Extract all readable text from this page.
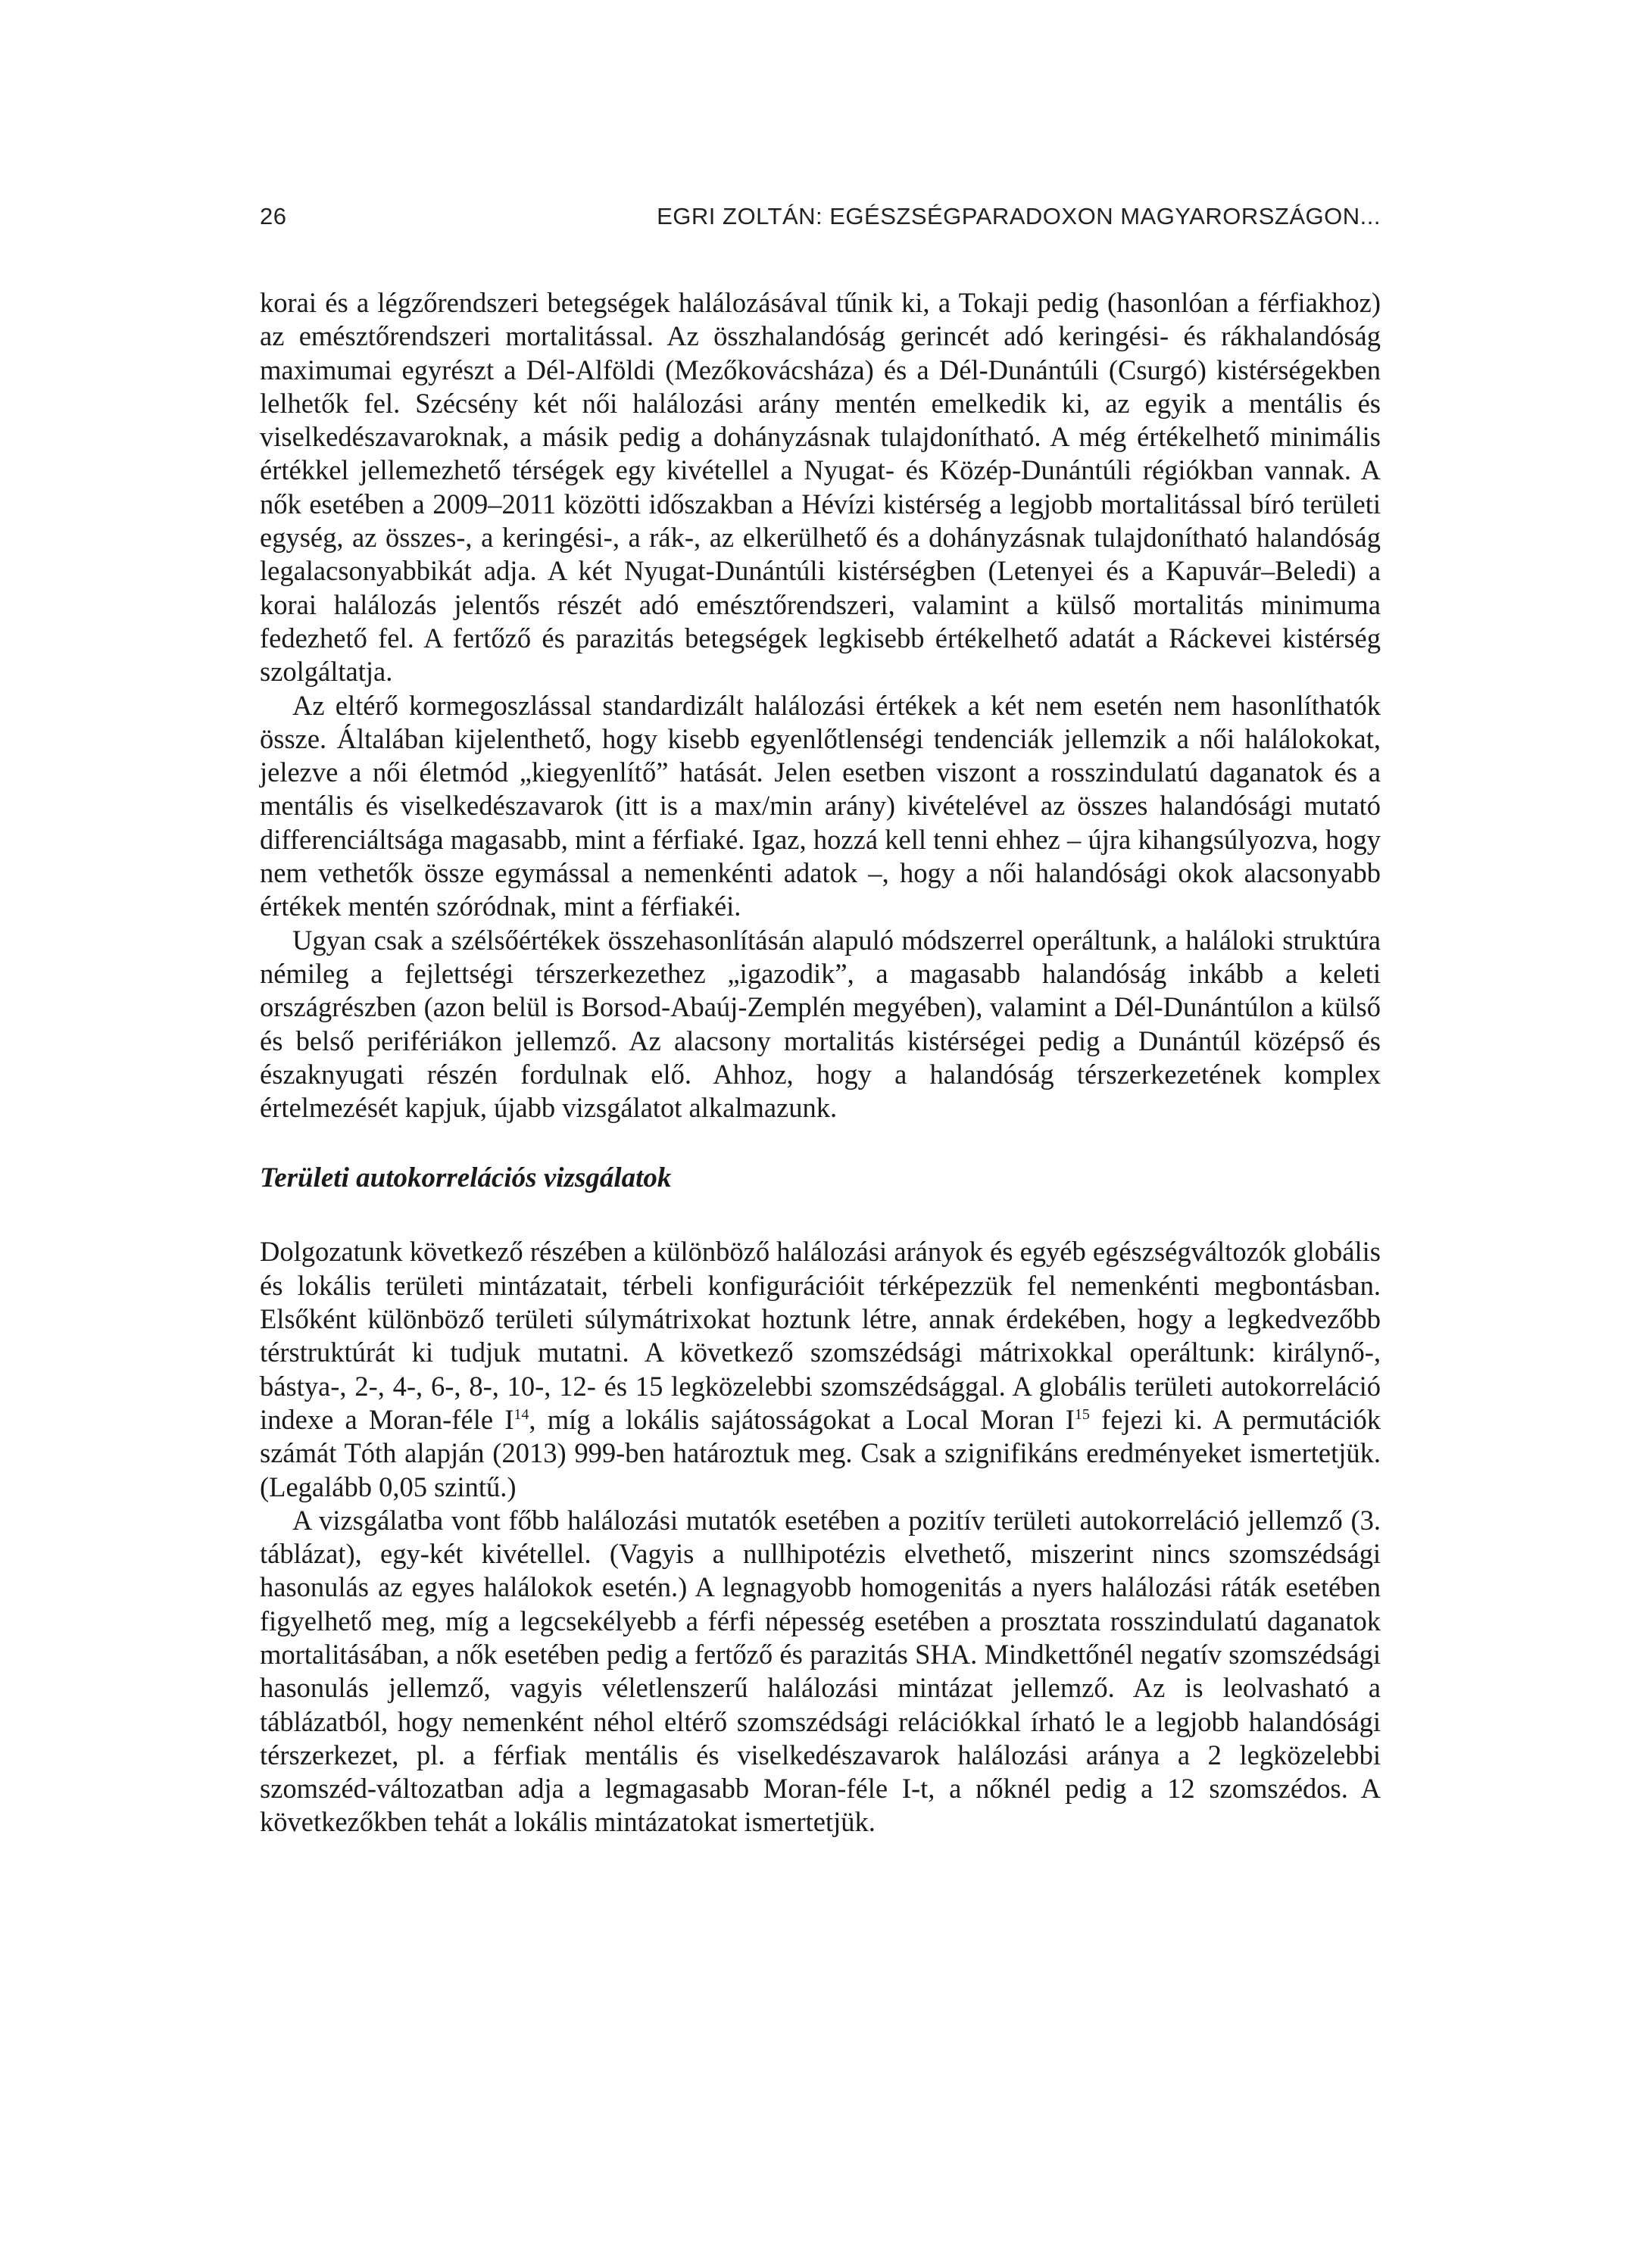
26	EGRI ZOLTÁN: EGÉSZSÉGPARADOXON MAGYARORSZÁGON...

korai és a légzőrendszeri betegségek halálozásával tűnik ki, a Tokaji pedig (hasonlóan a férfiakhoz) az emésztőrendszeri mortalitással. Az összhalandóság gerincét adó keringési- és rákhalandóság maximumai egyrészt a Dél-Alföldi (Mezőkovácsháza) és a Dél-Dunántúli (Csurgó) kistérségekben lelhetők fel. Szécsény két női halálozási arány mentén emelkedik ki, az egyik a mentális és viselkedészavaroknak, a másik pedig a dohányzásnak tulajdonítható. A még értékelhető minimális értékkel jellemezhető térségek egy kivétellel a Nyugat- és Közép-Dunántúli régiókban vannak. A nők esetében a 2009–2011 közötti időszakban a Hévízi kistérség a legjobb mortalitással bíró területi egység, az összes-, a keringési-, a rák-, az elkerülhető és a dohányzásnak tulajdonítható halandóság legalacsonyabbikát adja. A két Nyugat-Dunántúli kistérségben (Letenyei és a Kapuvár–Beledi) a korai halálozás jelentős részét adó emésztőrendszeri, valamint a külső mortalitás minimuma fedezhető fel. A fertőző és parazitás betegségek legkisebb értékelhető adatát a Ráckevei kistérség szolgáltatja.

Az eltérő kormegoszlással standardizált halálozási értékek a két nem esetén nem hasonlíthatók össze. Általában kijelenthető, hogy kisebb egyenlőtlenségi tendenciák jellemzik a női halálokokat, jelezve a női életmód „kiegyenlítő” hatását. Jelen esetben viszont a rosszindulatú daganatok és a mentális és viselkedészavarok (itt is a max/min arány) kivételével az összes halandósági mutató differenciáltsága magasabb, mint a férfiaké. Igaz, hozzá kell tenni ehhez – újra kihangsúlyozva, hogy nem vethetők össze egymással a nemenkénti adatok –, hogy a női halandósági okok alacsonyabb értékek mentén szóródnak, mint a férfiakéi.

Ugyan csak a szélsőértékek összehasonlításán alapuló módszerrel operáltunk, a haláloki struktúra némileg a fejlettségi térszerkezethez „igazodik”, a magasabb halandóság inkább a keleti országrészben (azon belül is Borsod-Abaúj-Zemplén megyében), valamint a Dél-Dunántúlon a külső és belső perifériákon jellemző. Az alacsony mortalitás kistérségei pedig a Dunántúl középső és északnyugati részén fordulnak elő. Ahhoz, hogy a halandóság térszerkezetének komplex értelmezését kapjuk, újabb vizsgálatot alkalmazunk.

Területi autokorrelációs vizsgálatok

Dolgozatunk következő részében a különböző halálozási arányok és egyéb egészségváltozók globális és lokális területi mintázatait, térbeli konfigurációit térképezzük fel nemenkénti megbontásban. Elsőként különböző területi súlymátrixokat hoztunk létre, annak érdekében, hogy a legkedvezőbb térstruktúrát ki tudjuk mutatni. A következő szomszédsági mátrixokkal operáltunk: királynő-, bástya-, 2-, 4-, 6-, 8-, 10-, 12- és 15 legközelebbi szomszédsággal. A globális területi autokorreláció indexe a Moran-féle $I^{14}$, míg a lokális sajátosságokat a Local Moran $I^{15}$ fejezi ki. A permutációk számát Tóth alapján (2013) 999-ben határoztuk meg. Csak a szignifikáns eredményeket ismertetjük. (Legalább 0,05 szintű.)

A vizsgálatba vont főbb halálozási mutatók esetében a pozitív területi autokorreláció jellemző (3. táblázat), egy-két kivétellel. (Vagyis a nullhipotézis elvethető, miszerint nincs szomszédsági hasonulás az egyes halálokok esetén.) A legnagyobb homogenitás a nyers halálozási ráták esetében figyelhető meg, míg a legcsekélyebb a férfi népesség esetében a prosztata rosszindulatú daganatok mortalitásában, a nők esetében pedig a fertőző és parazitás SHA. Mindkettőnél negatív szomszédsági hasonulás jellemző, vagyis véletlenszerű halálozási mintázat jellemző. Az is leolvasható a táblázatból, hogy nemenként néhol eltérő szomszédsági relációkkal írható le a legjobb halandósági térszerkezet, pl. a férfiak mentális és viselkedészavarok halálozási aránya a 2 legközelebbi szomszéd-változatban adja a legmagasabb Moran-féle I-t, a nőknél pedig a 12 szomszédos. A következőkben tehát a lokális mintázatokat ismertetjük.
